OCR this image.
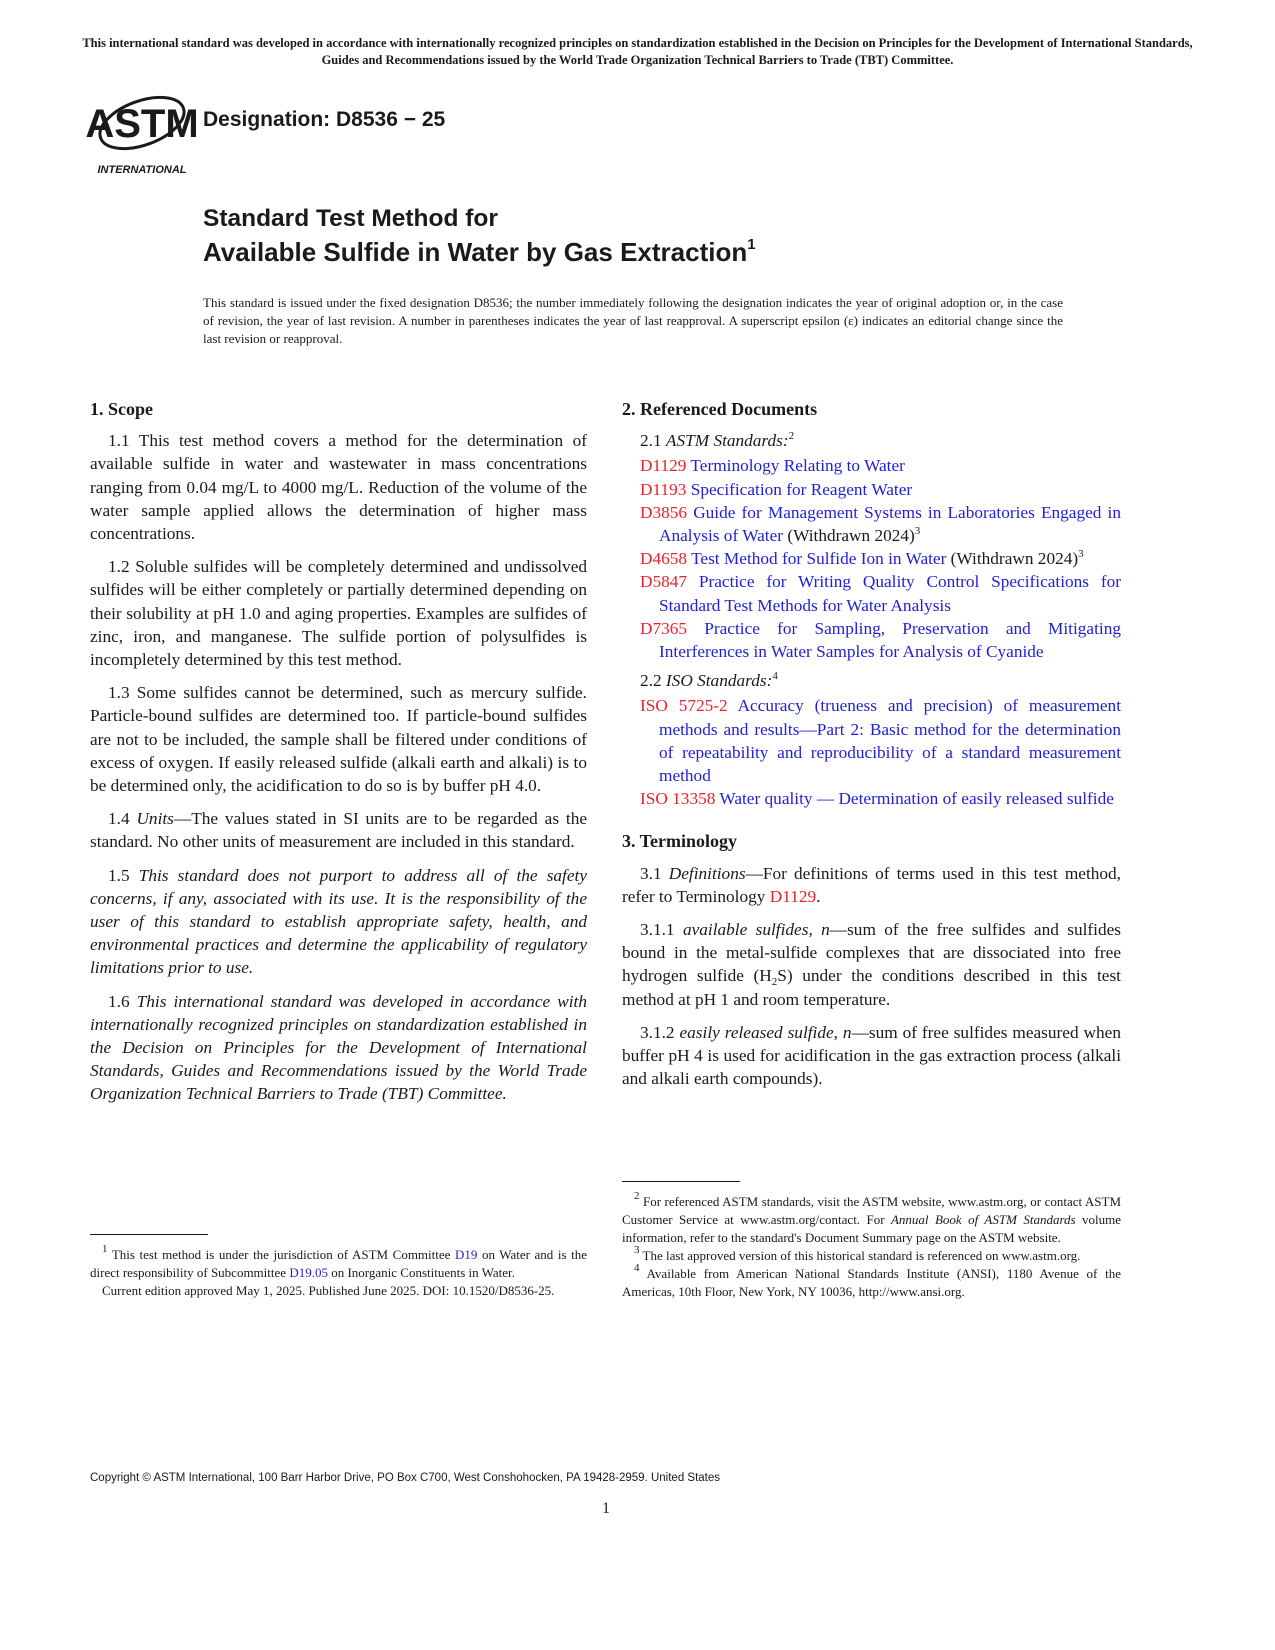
This international standard was developed in accordance with internationally recognized principles on standardization established in the Decision on Principles for the Development of International Standards, Guides and Recommendations issued by the World Trade Organization Technical Barriers to Trade (TBT) Committee.
ASTM
INTERNATIONAL
Designation: D8536 − 25
Standard Test Method for
Available Sulfide in Water by Gas Extraction$^1$
This standard is issued under the fixed designation D8536; the number immediately following the designation indicates the year of original adoption or, in the case of revision, the year of last revision. A number in parentheses indicates the year of last reapproval. A superscript epsilon (ε) indicates an editorial change since the last revision or reapproval.
1. Scope

1.1 This test method covers a method for the determination of available sulfide in water and wastewater in mass concentrations ranging from 0.04 mg/L to 4000 mg/L. Reduction of the volume of the water sample applied allows the determination of higher mass concentrations.

1.2 Soluble sulfides will be completely determined and undissolved sulfides will be either completely or partially determined depending on their solubility at pH 1.0 and aging properties. Examples are sulfides of zinc, iron, and manganese. The sulfide portion of polysulfides is incompletely determined by this test method.

1.3 Some sulfides cannot be determined, such as mercury sulfide. Particle-bound sulfides are determined too. If particle-bound sulfides are not to be included, the sample shall be filtered under conditions of excess of oxygen. If easily released sulfide (alkali earth and alkali) is to be determined only, the acidification to do so is by buffer pH 4.0.

1.4 Units—The values stated in SI units are to be regarded as the standard. No other units of measurement are included in this standard.

1.5 This standard does not purport to address all of the safety concerns, if any, associated with its use. It is the responsibility of the user of this standard to establish appropriate safety, health, and environmental practices and determine the applicability of regulatory limitations prior to use.

1.6 This international standard was developed in accordance with internationally recognized principles on standardization established in the Decision on Principles for the Development of International Standards, Guides and Recommendations issued by the World Trade Organization Technical Barriers to Trade (TBT) Committee.

$^1$ This test method is under the jurisdiction of ASTM Committee D19 on Water and is the direct responsibility of Subcommittee D19.05 on Inorganic Constituents in Water.

Current edition approved May 1, 2025. Published June 2025. DOI: 10.1520/D8536-25.

2. Referenced Documents

2.1 ASTM Standards:$^2$

D1129 Terminology Relating to Water

D1193 Specification for Reagent Water

D3856 Guide for Management Systems in Laboratories Engaged in Analysis of Water (Withdrawn 2024)$^3$

D4658 Test Method for Sulfide Ion in Water (Withdrawn 2024)$^3$

D5847 Practice for Writing Quality Control Specifications for Standard Test Methods for Water Analysis

D7365 Practice for Sampling, Preservation and Mitigating Interferences in Water Samples for Analysis of Cyanide

2.2 ISO Standards:$^4$

ISO 5725-2 Accuracy (trueness and precision) of measurement methods and results—Part 2: Basic method for the determination of repeatability and reproducibility of a standard measurement method

ISO 13358 Water quality — Determination of easily released sulfide

3. Terminology

3.1 Definitions—For definitions of terms used in this test method, refer to Terminology D1129.

3.1.1 available sulfides, n—sum of the free sulfides and sulfides bound in the metal-sulfide complexes that are dissociated into free hydrogen sulfide $(H_2S)$ under the conditions described in this test method at pH 1 and room temperature.

3.1.2 easily released sulfide, n—sum of free sulfides measured when buffer pH 4 is used for acidification in the gas extraction process (alkali and alkali earth compounds).

$^2$ For referenced ASTM standards, visit the ASTM website, www.astm.org, or contact ASTM Customer Service at www.astm.org/contact. For Annual Book of ASTM Standards volume information, refer to the standard's Document Summary page on the ASTM website.

$^3$ The last approved version of this historical standard is referenced on www.astm.org.

$^4$ Available from American National Standards Institute (ANSI), 1180 Avenue of the Americas, 10th Floor, New York, NY 10036, http://www.ansi.org.

Copyright © ASTM International, 100 Barr Harbor Drive, PO Box C700, West Conshohocken, PA 19428-2959. United States
1
